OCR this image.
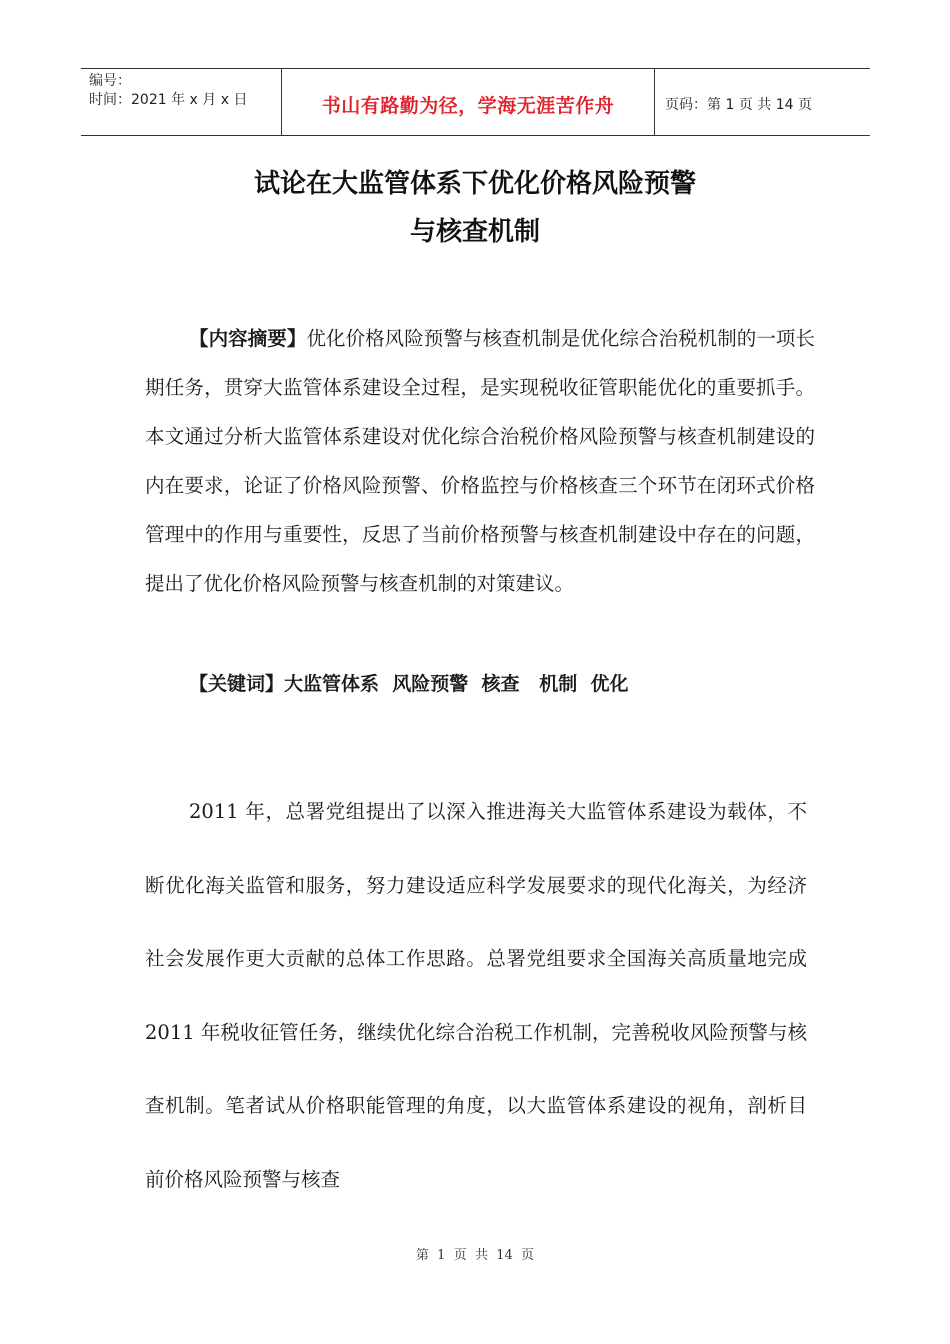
编号：
时间：2021 年 x 月 x 日	书山有路勤为径，学海无涯苦作舟	页码：第 1 页 共 14 页
试论在大监管体系下优化价格风险预警
与核查机制

【内容摘要】优化价格风险预警与核查机制是优化综合治税机制的一项长期任务，贯穿大监管体系建设全过程，是实现税收征管职能优化的重要抓手。本文通过分析大监管体系建设对优化综合治税价格风险预警与核查机制建设的内在要求，论证了价格风险预警、价格监控与价格核查三个环节在闭环式价格管理中的作用与重要性，反思了当前价格预警与核查机制建设中存在的问题，提出了优化价格风险预警与核查机制的对策建议。

【关键词】大监管体系  风险预警  核查   机制  优化

2011 年，总署党组提出了以深入推进海关大监管体系建设为载体，不断优化海关监管和服务，努力建设适应科学发展要求的现代化海关，为经济社会发展作更大贡献的总体工作思路。总署党组要求全国海关高质量地完成 2011 年税收征管任务，继续优化综合治税工作机制，完善税收风险预警与核查机制。笔者试从价格职能管理的角度，以大监管体系建设的视角，剖析目前价格风险预警与核查

第  1  页  共  14  页
